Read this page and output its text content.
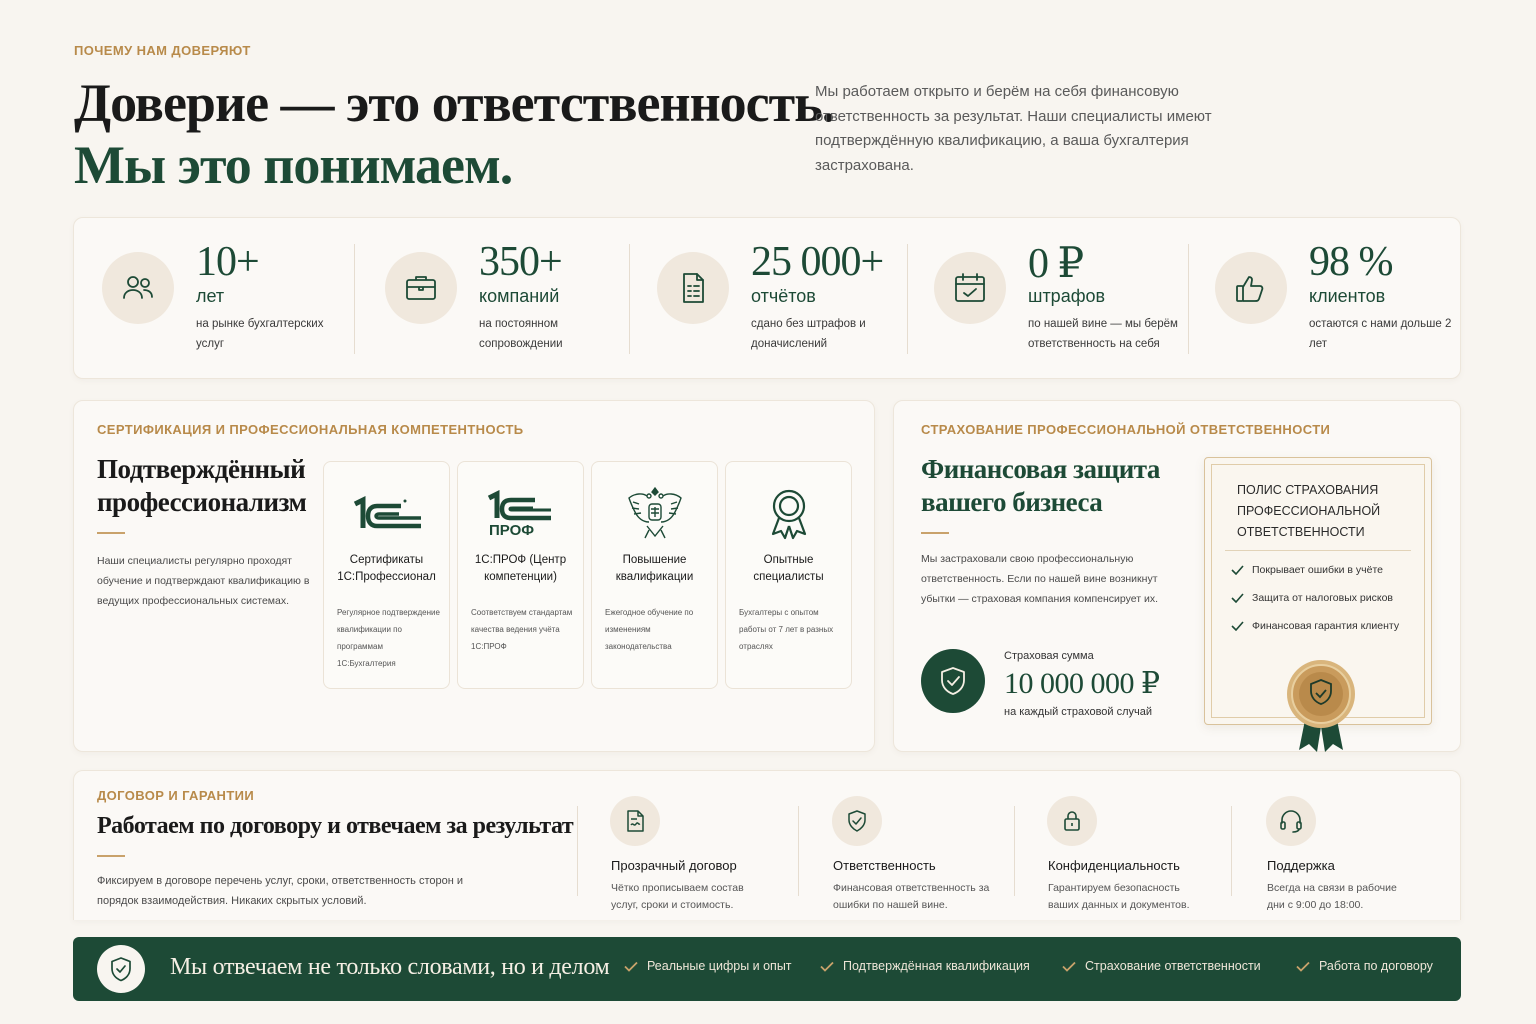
ПОЧЕМУ НАМ ДОВЕРЯЮТ
Доверие — это ответственность.
Мы это понимаем.

Мы работаем открыто и берём на себя финансовую ответственность за результат. Наши специалисты имеют подтверждённую квалификацию, а ваша бухгалтерия застрахована.

10+
лет
на рынке бухгалтерских услуг
350+
компаний
на постоянном сопровождении
25 000+
отчётов
сдано без штрафов и доначислений
0 ₽
штрафов
по нашей вине — мы берём ответственность на себя
98 %
клиентов
остаются с нами дольше 2 лет
СЕРТИФИКАЦИЯ И ПРОФЕССИОНАЛЬНАЯ КОМПЕТЕНТНОСТЬ
Подтверждённый профессионализм

Наши специалисты регулярно проходят обучение и подтверждают квалификацию в ведущих профессиональных системах.

Сертификаты 1С:Профессионал
Регулярное подтверждение квалификации по программам 1С:Бухгалтерия
ПРОФ
1С:ПРОФ (Центр компетенции)
Соответствуем стандартам качества ведения учёта 1С:ПРОФ
Повышение квалификации
Ежегодное обучение по изменениям законодательства
Опытные специалисты
Бухгалтеры с опытом работы от 7 лет в разных отраслях
СТРАХОВАНИЕ ПРОФЕССИОНАЛЬНОЙ ОТВЕТСТВЕННОСТИ
Финансовая защита вашего бизнеса

Мы застраховали свою профессиональную ответственность. Если по нашей вине возникнут убытки — страховая компания компенсирует их.

Страховая сумма
10 000 000 ₽
на каждый страховой случай
ПОЛИС СТРАХОВАНИЯ ПРОФЕССИОНАЛЬНОЙ ОТВЕТСТВЕННОСТИ
Покрывает ошибки в учёте
Защита от налоговых рисков
Финансовая гарантия клиенту
ДОГОВОР И ГАРАНТИИ
Работаем по договору и отвечаем за результат

Фиксируем в договоре перечень услуг, сроки, ответственность сторон и порядок взаимодействия. Никаких скрытых условий.

Прозрачный договор
Чётко прописываем состав услуг, сроки и стоимость.
Ответственность
Финансовая ответственность за ошибки по нашей вине.
Конфиденциальность
Гарантируем безопасность ваших данных и документов.
Поддержка
Всегда на связи в рабочие дни с 9:00 до 18:00.
Мы отвечаем не только словами, но и делом	Реальные цифры и опыт	Подтверждённая квалификация	Страхование ответственности	Работа по договору
